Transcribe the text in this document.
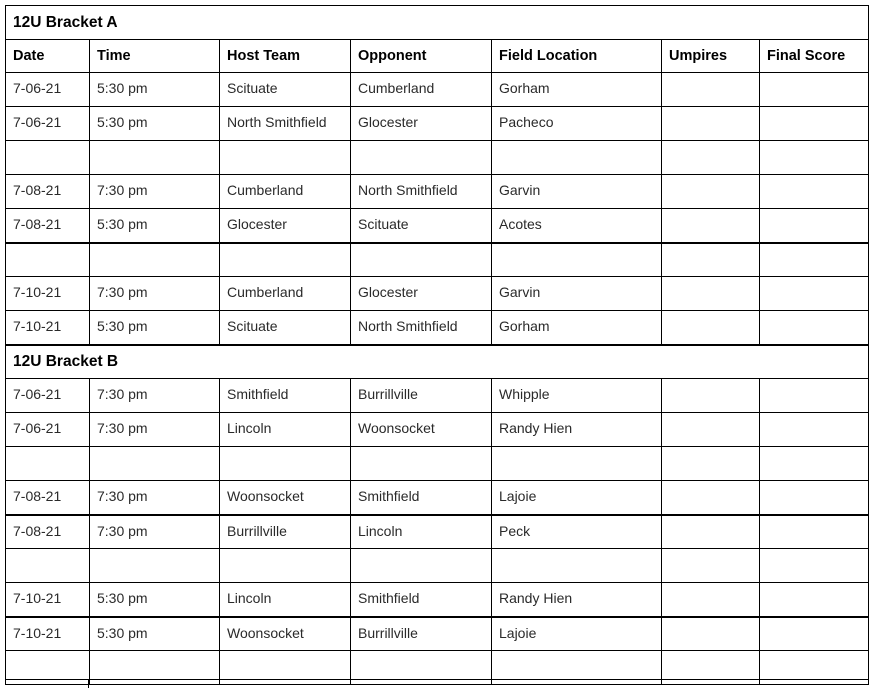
12U Bracket A						
Date	Time	Host Team	Opponent	Field Location	Umpires	Final Score
7-06-21	5:30 pm	Scituate	Cumberland	Gorham		
7-06-21	5:30 pm	North Smithfield	Glocester	Pacheco		

7-08-21	7:30 pm	Cumberland	North Smithfield	Garvin		
7-08-21	5:30 pm	Glocester	Scituate	Acotes		

7-10-21	7:30 pm	Cumberland	Glocester	Garvin		
7-10-21	5:30 pm	Scituate	North Smithfield	Gorham		
12U Bracket B						
7-06-21	7:30 pm	Smithfield	Burrillville	Whipple		
7-06-21	7:30 pm	Lincoln	Woonsocket	Randy Hien		

7-08-21	7:30 pm	Woonsocket	Smithfield	Lajoie		
7-08-21	7:30 pm	Burrillville	Lincoln	Peck		

7-10-21	5:30 pm	Lincoln	Smithfield	Randy Hien		
7-10-21	5:30 pm	Woonsocket	Burrillville	Lajoie		
